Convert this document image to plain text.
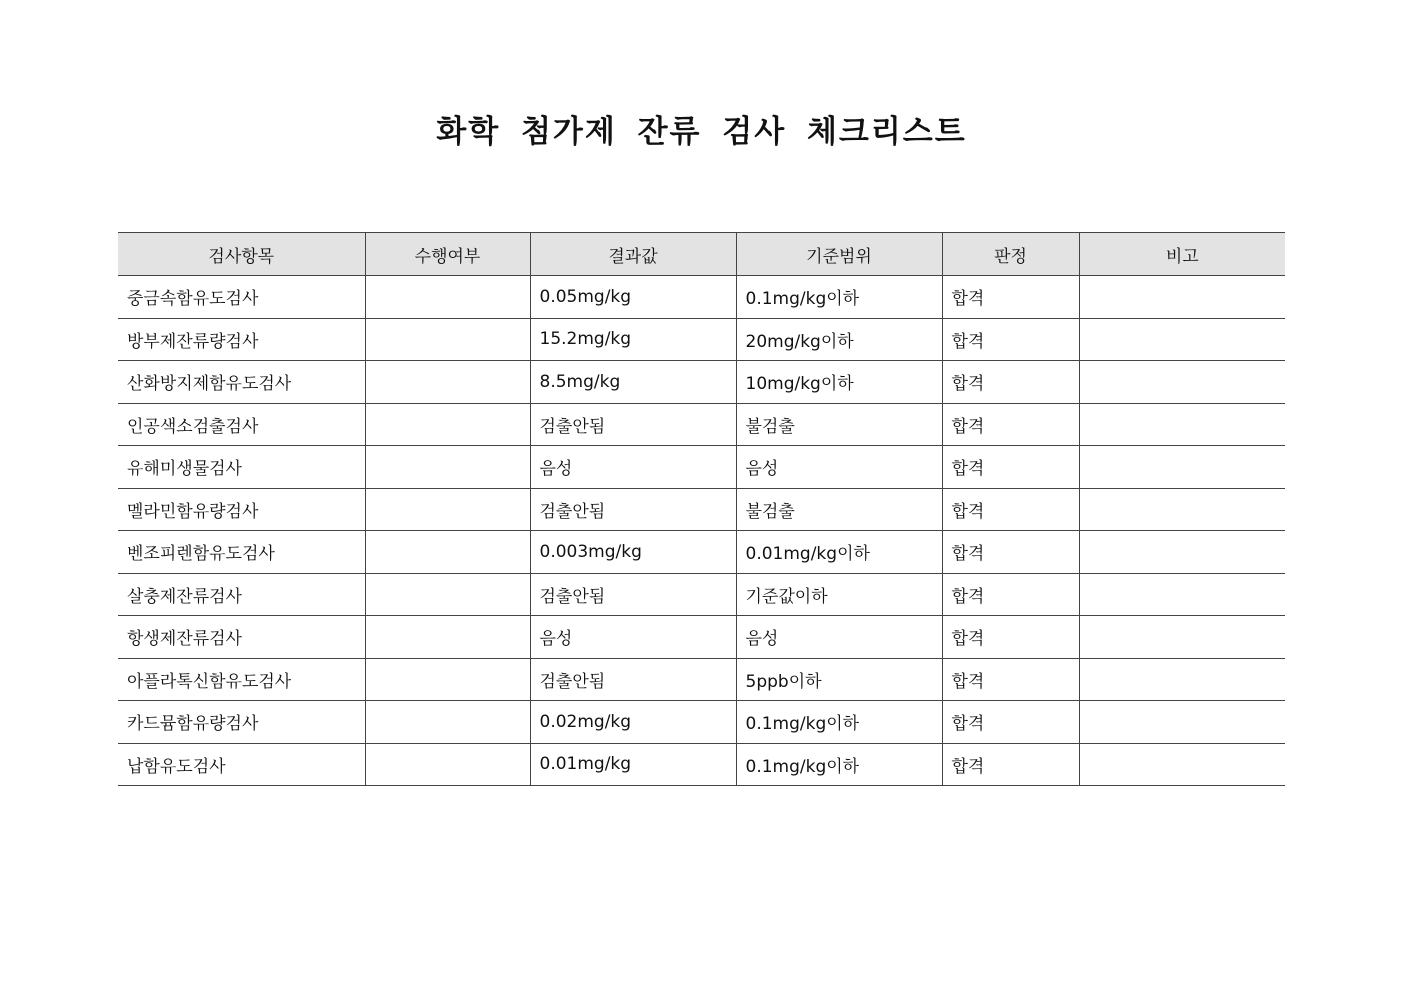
화학 첨가제 잔류 검사 체크리스트
검사항목	수행여부	결과값	기준범위	판정	비고
중금속함유도검사		0.05mg/kg	0.1mg/kg이하	합격	
방부제잔류량검사		15.2mg/kg	20mg/kg이하	합격	
산화방지제함유도검사		8.5mg/kg	10mg/kg이하	합격	
인공색소검출검사		검출안됨	불검출	합격	
유해미생물검사		음성	음성	합격	
멜라민함유량검사		검출안됨	불검출	합격	
벤조피렌함유도검사		0.003mg/kg	0.01mg/kg이하	합격	
살충제잔류검사		검출안됨	기준값이하	합격	
항생제잔류검사		음성	음성	합격	
아플라톡신함유도검사		검출안됨	5ppb이하	합격	
카드뮴함유량검사		0.02mg/kg	0.1mg/kg이하	합격	
납함유도검사		0.01mg/kg	0.1mg/kg이하	합격	
